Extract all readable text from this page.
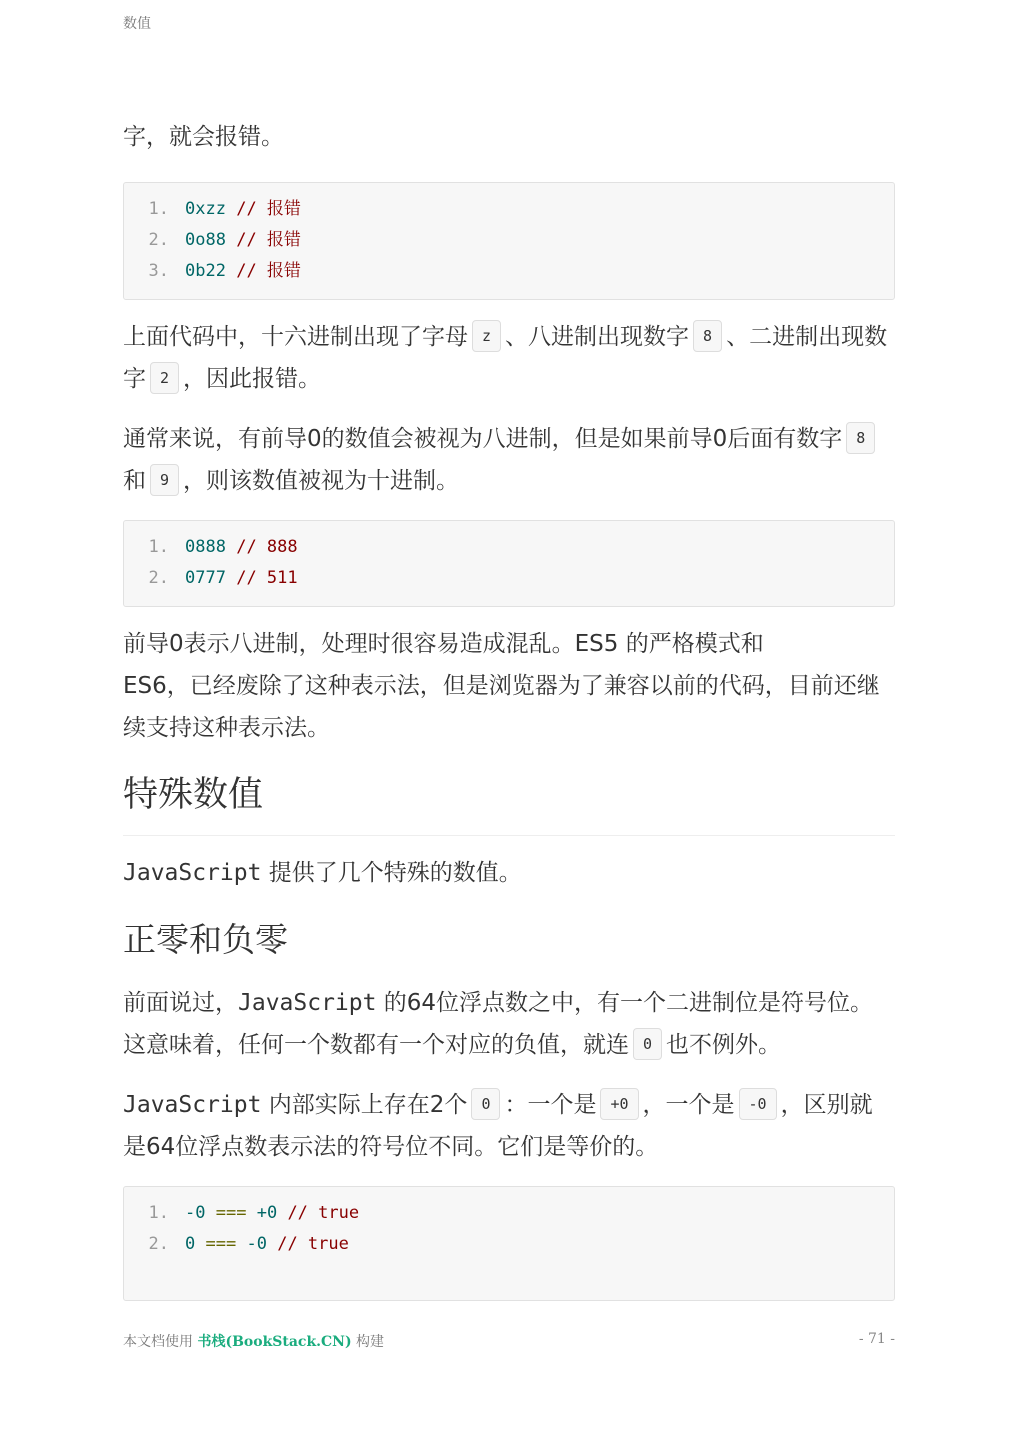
数值

字，就会报错。

1. 0xzz // 报错
2. 0o88 // 报错
3. 0b22 // 报错

上面代码中，十六进制出现了字母 z 、八进制出现数字 8 、二进制出现数字 2 ，因此报错。

通常来说，有前导0的数值会被视为八进制，但是如果前导0后面有数字 8和 9 ，则该数值被视为十进制。

1. 0888 // 888
2. 0777 // 511

前导0表示八进制，处理时很容易造成混乱。ES5 的严格模式和
ES6，已经废除了这种表示法，但是浏览器为了兼容以前的代码，目前还继续支持这种表示法。

特殊数值

JavaScript 提供了几个特殊的数值。

正零和负零

前面说过，JavaScript 的64位浮点数之中，有一个二进制位是符号位。这意味着，任何一个数都有一个对应的负值，就连 0 也不例外。

JavaScript 内部实际上存在2个 0 ：一个是 +0 ，一个是 -0 ，区别就是64位浮点数表示法的符号位不同。它们是等价的。

1. -0 === +0 // true
2. 0 === -0 // true
本文档使用 书栈(BookStack.CN) 构建	- 71 -
